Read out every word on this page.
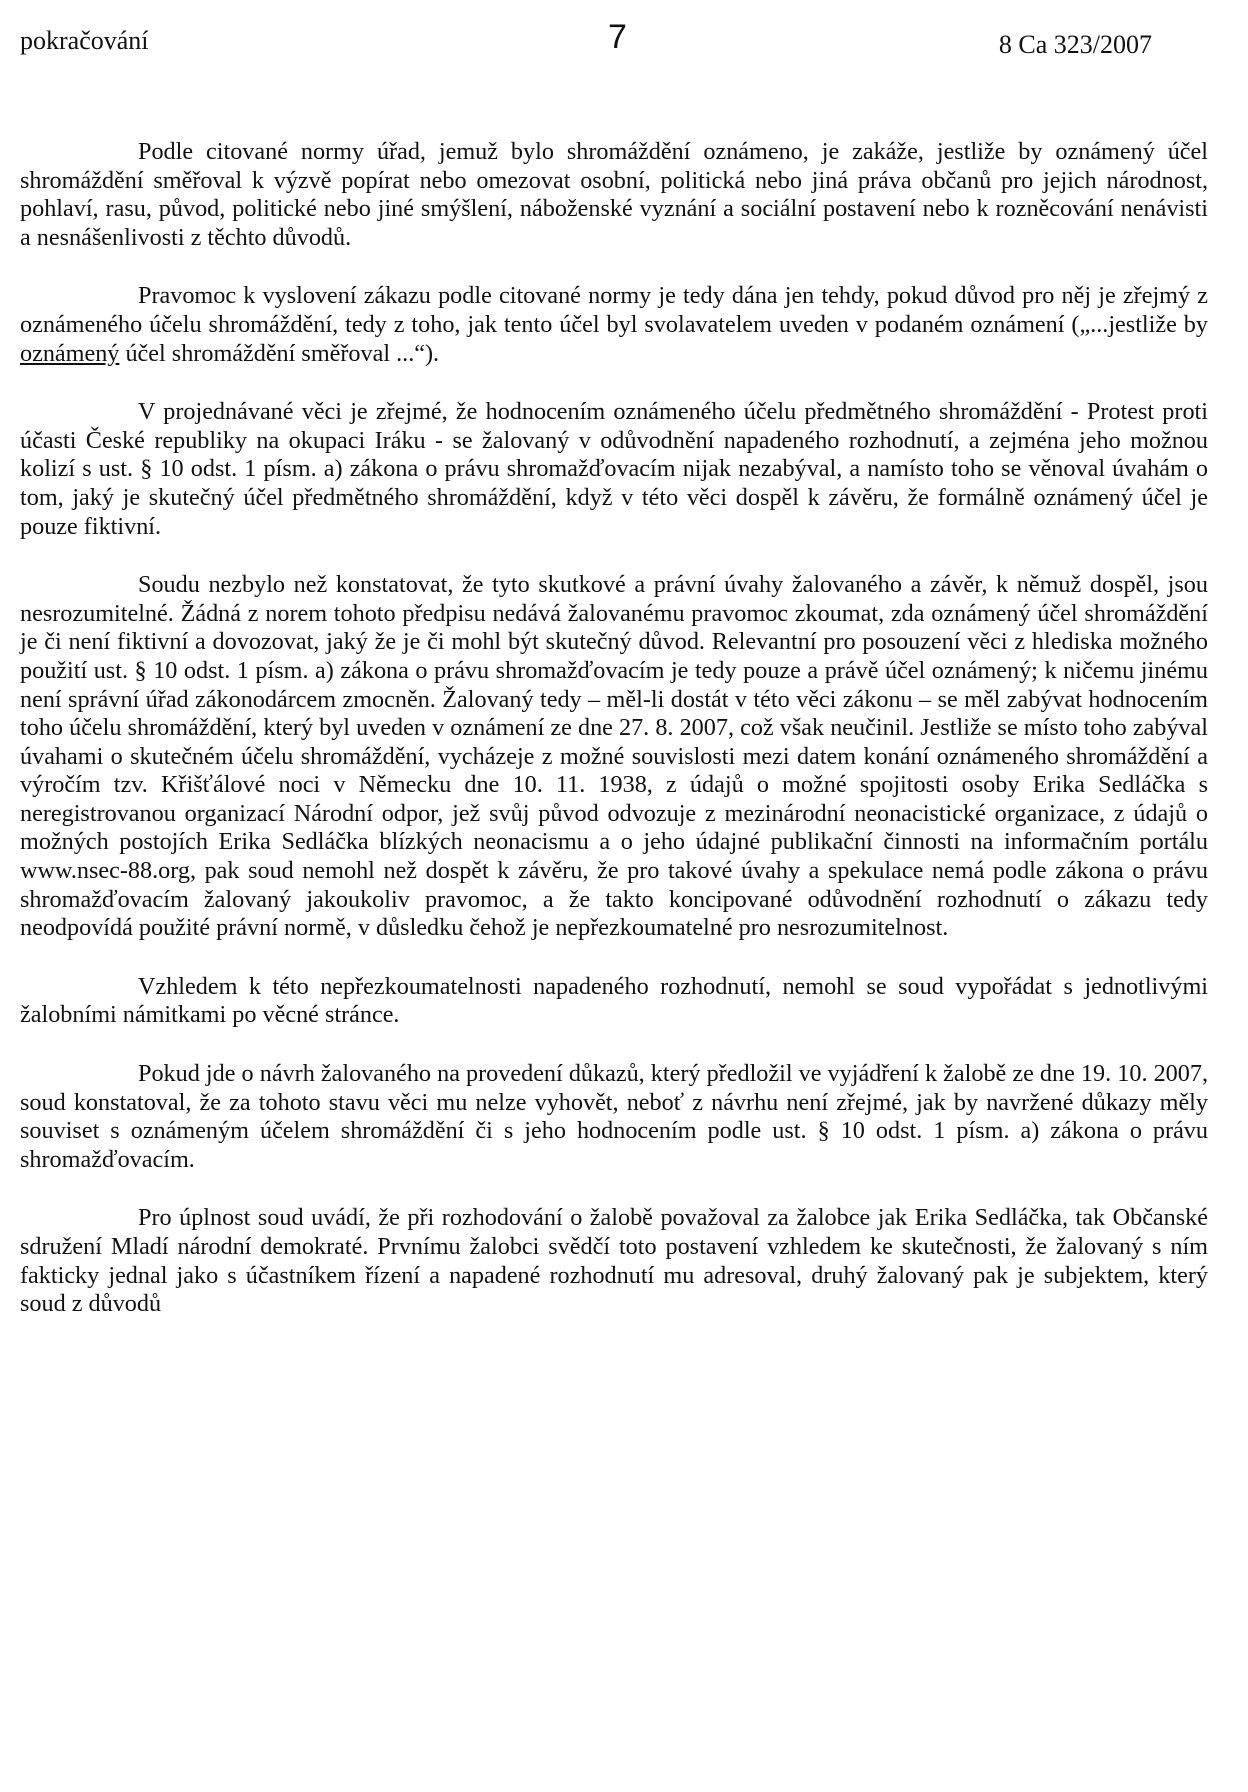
pokračování	7	8 Ca 323/2007

Podle citované normy úřad, jemuž bylo shromáždění oznámeno, je zakáže, jestliže by oznámený účel shromáždění směřoval k výzvě popírat nebo omezovat osobní, politická nebo jiná práva občanů pro jejich národnost, pohlaví, rasu, původ, politické nebo jiné smýšlení, náboženské vyznání a sociální postavení nebo k rozněcování nenávisti a nesnášenlivosti z těchto důvodů.

Pravomoc k vyslovení zákazu podle citované normy je tedy dána jen tehdy, pokud důvod pro něj je zřejmý z oznámeného účelu shromáždění, tedy z toho, jak tento účel byl svolavatelem uveden v podaném oznámení („...jestliže by oznámený účel shromáždění směřoval ...“).

V projednávané věci je zřejmé, že hodnocením oznámeného účelu předmětného shromáždění - Protest proti účasti České republiky na okupaci Iráku - se žalovaný v odůvodnění napadeného rozhodnutí, a zejména jeho možnou kolizí s ust. § 10 odst. 1 písm. a) zákona o právu shromažďovacím nijak nezabýval, a namísto toho se věnoval úvahám o tom, jaký je skutečný účel předmětného shromáždění, když v této věci dospěl k závěru, že formálně oznámený účel je pouze fiktivní.

Soudu nezbylo než konstatovat, že tyto skutkové a právní úvahy žalovaného a závěr, k němuž dospěl, jsou nesrozumitelné. Žádná z norem tohoto předpisu nedává žalovanému pravomoc zkoumat, zda oznámený účel shromáždění je či není fiktivní a dovozovat, jaký že je či mohl být skutečný důvod. Relevantní pro posouzení věci z hlediska možného použití ust. § 10 odst. 1 písm. a) zákona o právu shromažďovacím je tedy pouze a právě účel oznámený; k ničemu jinému není správní úřad zákonodárcem zmocněn. Žalovaný tedy – měl-li dostát v této věci zákonu – se měl zabývat hodnocením toho účelu shromáždění, který byl uveden v oznámení ze dne 27. 8. 2007, což však neučinil. Jestliže se místo toho zabýval úvahami o skutečném účelu shromáždění, vycházeje z možné souvislosti mezi datem konání oznámeného shromáždění a výročím tzv. Křišťálové noci v Německu dne 10. 11. 1938, z údajů o možné spojitosti osoby Erika Sedláčka s neregistrovanou organizací Národní odpor, jež svůj původ odvozuje z mezinárodní neonacistické organizace, z údajů o možných postojích Erika Sedláčka blízkých neonacismu a o jeho údajné publikační činnosti na informačním portálu www.nsec-88.org, pak soud nemohl než dospět k závěru, že pro takové úvahy a spekulace nemá podle zákona o právu shromažďovacím žalovaný jakoukoliv pravomoc, a že takto koncipované odůvodnění rozhodnutí o zákazu tedy neodpovídá použité právní normě, v důsledku čehož je nepřezkoumatelné pro nesrozumitelnost.

Vzhledem k této nepřezkoumatelnosti napadeného rozhodnutí, nemohl se soud vypořádat s jednotlivými žalobními námitkami po věcné stránce.

Pokud jde o návrh žalovaného na provedení důkazů, který předložil ve vyjádření k žalobě ze dne 19. 10. 2007, soud konstatoval, že za tohoto stavu věci mu nelze vyhovět, neboť z návrhu není zřejmé, jak by navržené důkazy měly souviset s oznámeným účelem shromáždění či s jeho hodnocením podle ust. § 10 odst. 1 písm. a) zákona o právu shromažďovacím.

Pro úplnost soud uvádí, že při rozhodování o žalobě považoval za žalobce jak Erika Sedláčka, tak Občanské sdružení Mladí národní demokraté. Prvnímu žalobci svědčí toto postavení vzhledem ke skutečnosti, že žalovaný s ním fakticky jednal jako s účastníkem řízení a napadené rozhodnutí mu adresoval, druhý žalovaný pak je subjektem, který soud z důvodů
